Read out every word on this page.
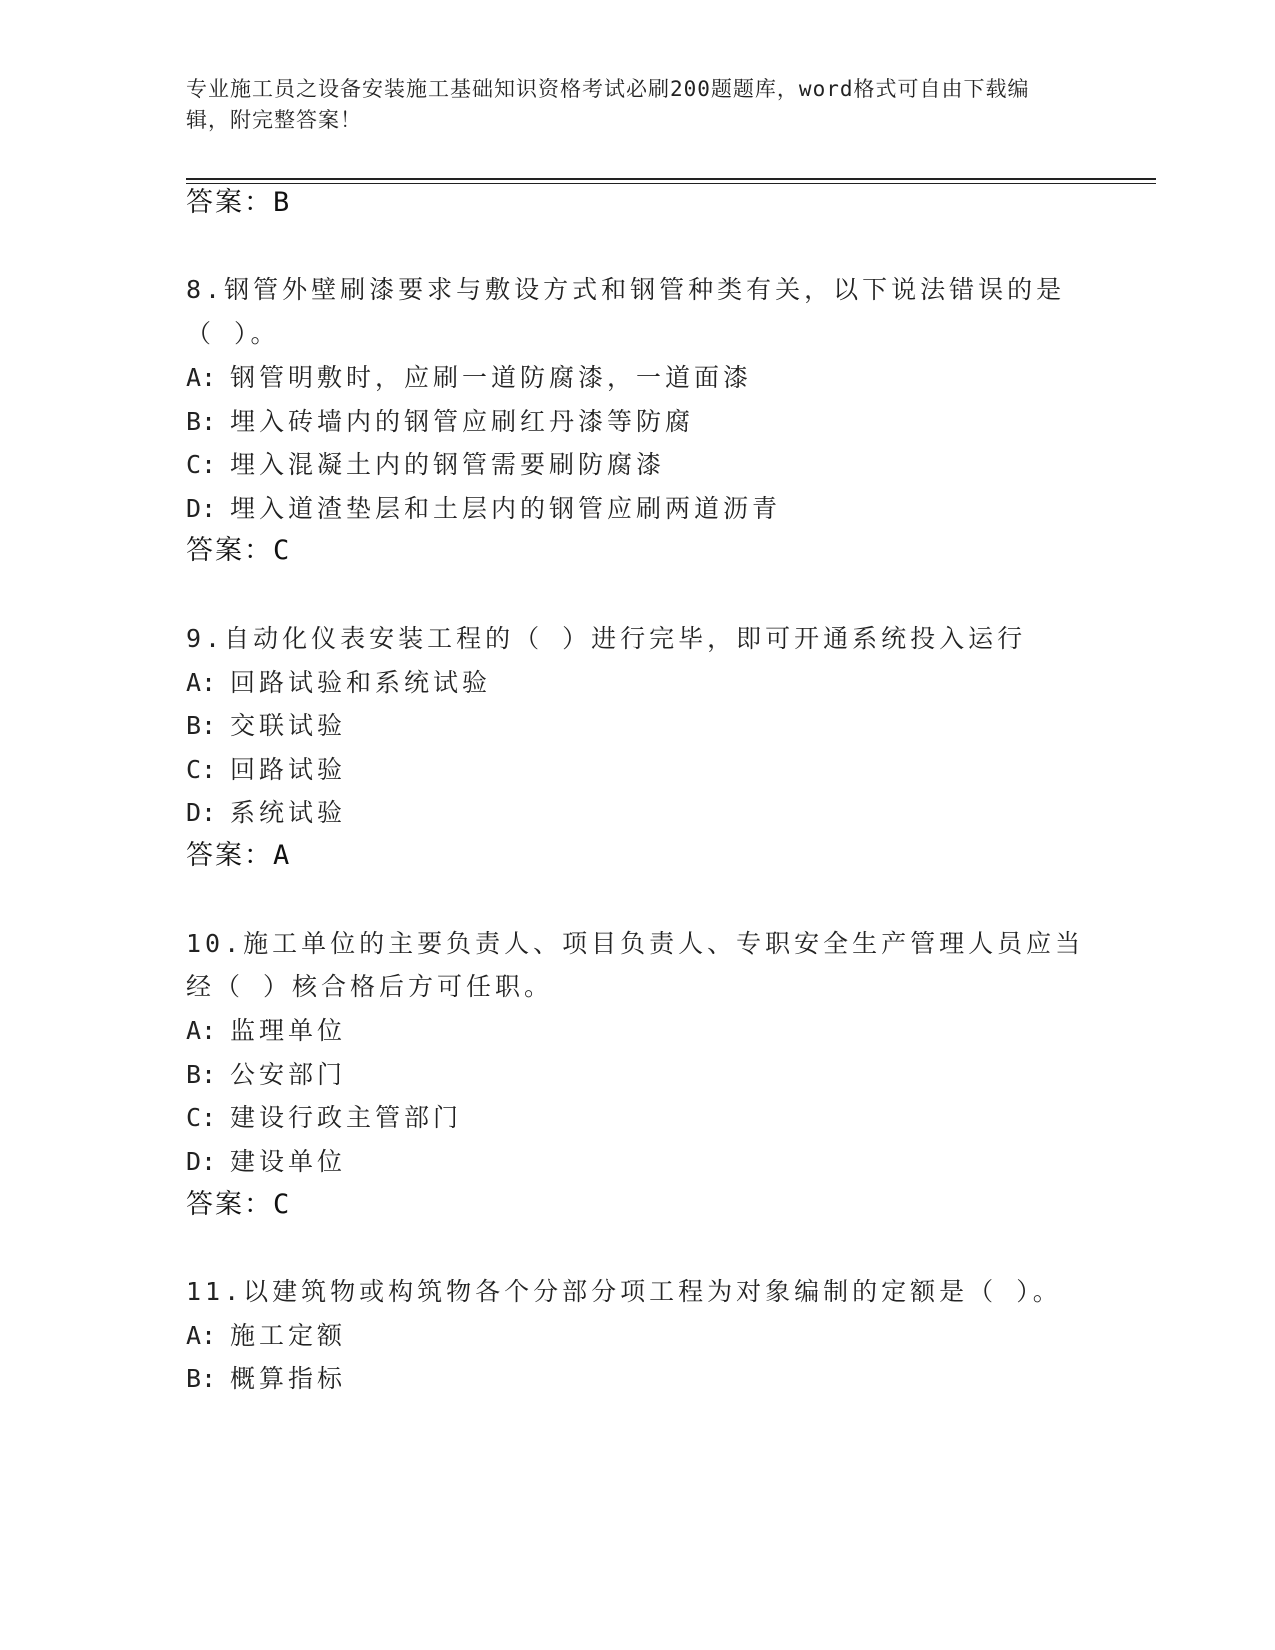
专业施工员之设备安装施工基础知识资格考试必刷200题题库，word格式可自由下载编辑，附完整答案！
答案：B
8.钢管外壁刷漆要求与敷设方式和钢管种类有关，以下说法错误的是
（ ）。
A: 钢管明敷时，应刷一道防腐漆，一道面漆
B: 埋入砖墙内的钢管应刷红丹漆等防腐
C: 埋入混凝土内的钢管需要刷防腐漆
D: 埋入道渣垫层和土层内的钢管应刷两道沥青
答案：C
9.自动化仪表安装工程的（ ）进行完毕，即可开通系统投入运行
A: 回路试验和系统试验
B: 交联试验
C: 回路试验
D: 系统试验
答案：A
10.施工单位的主要负责人、项目负责人、专职安全生产管理人员应当
经（ ）核合格后方可任职。
A: 监理单位
B: 公安部门
C: 建设行政主管部门
D: 建设单位
答案：C
11.以建筑物或构筑物各个分部分项工程为对象编制的定额是（ ）。
A: 施工定额
B: 概算指标
